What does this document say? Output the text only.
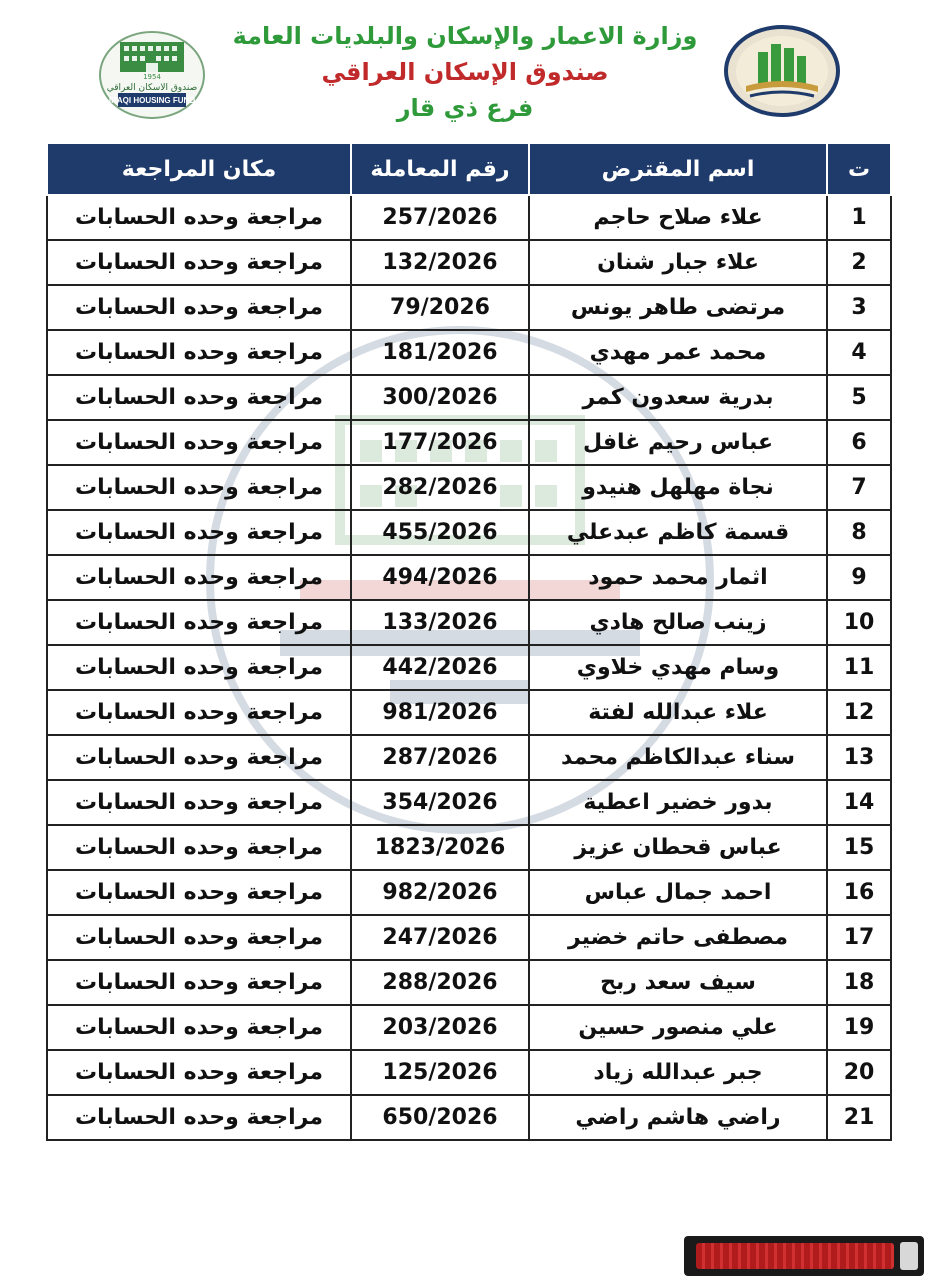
1954
صندوق الاسكان العراقي
IRAQI HOUSING FUND
وزارة الاعمار والإسكان والبلديات العامة
صندوق الإسكان العراقي
فرع ذي قار
ت	اسم المقترض	رقم المعاملة	مكان المراجعة
1	علاء صلاح حاجم	257/2026	مراجعة وحده الحسابات
2	علاء جبار شنان	132/2026	مراجعة وحده الحسابات
3	مرتضى طاهر يونس	79/2026	مراجعة وحده الحسابات
4	محمد عمر مهدي	181/2026	مراجعة وحده الحسابات
5	بدرية سعدون كمر	300/2026	مراجعة وحده الحسابات
6	عباس رحيم غافل	177/2026	مراجعة وحده الحسابات
7	نجاة مهلهل هنيدو	282/2026	مراجعة وحده الحسابات
8	قسمة كاظم عبدعلي	455/2026	مراجعة وحده الحسابات
9	اثمار محمد حمود	494/2026	مراجعة وحده الحسابات
10	زينب صالح هادي	133/2026	مراجعة وحده الحسابات
11	وسام مهدي خلاوي	442/2026	مراجعة وحده الحسابات
12	علاء عبدالله لفتة	981/2026	مراجعة وحده الحسابات
13	سناء عبدالكاظم محمد	287/2026	مراجعة وحده الحسابات
14	بدور خضير اعطية	354/2026	مراجعة وحده الحسابات
15	عباس قحطان عزيز	1823/2026	مراجعة وحده الحسابات
16	احمد جمال عباس	982/2026	مراجعة وحده الحسابات
17	مصطفى حاتم خضير	247/2026	مراجعة وحده الحسابات
18	سيف سعد ربح	288/2026	مراجعة وحده الحسابات
19	علي منصور حسين	203/2026	مراجعة وحده الحسابات
20	جبر عبدالله زياد	125/2026	مراجعة وحده الحسابات
21	راضي هاشم راضي	650/2026	مراجعة وحده الحسابات
